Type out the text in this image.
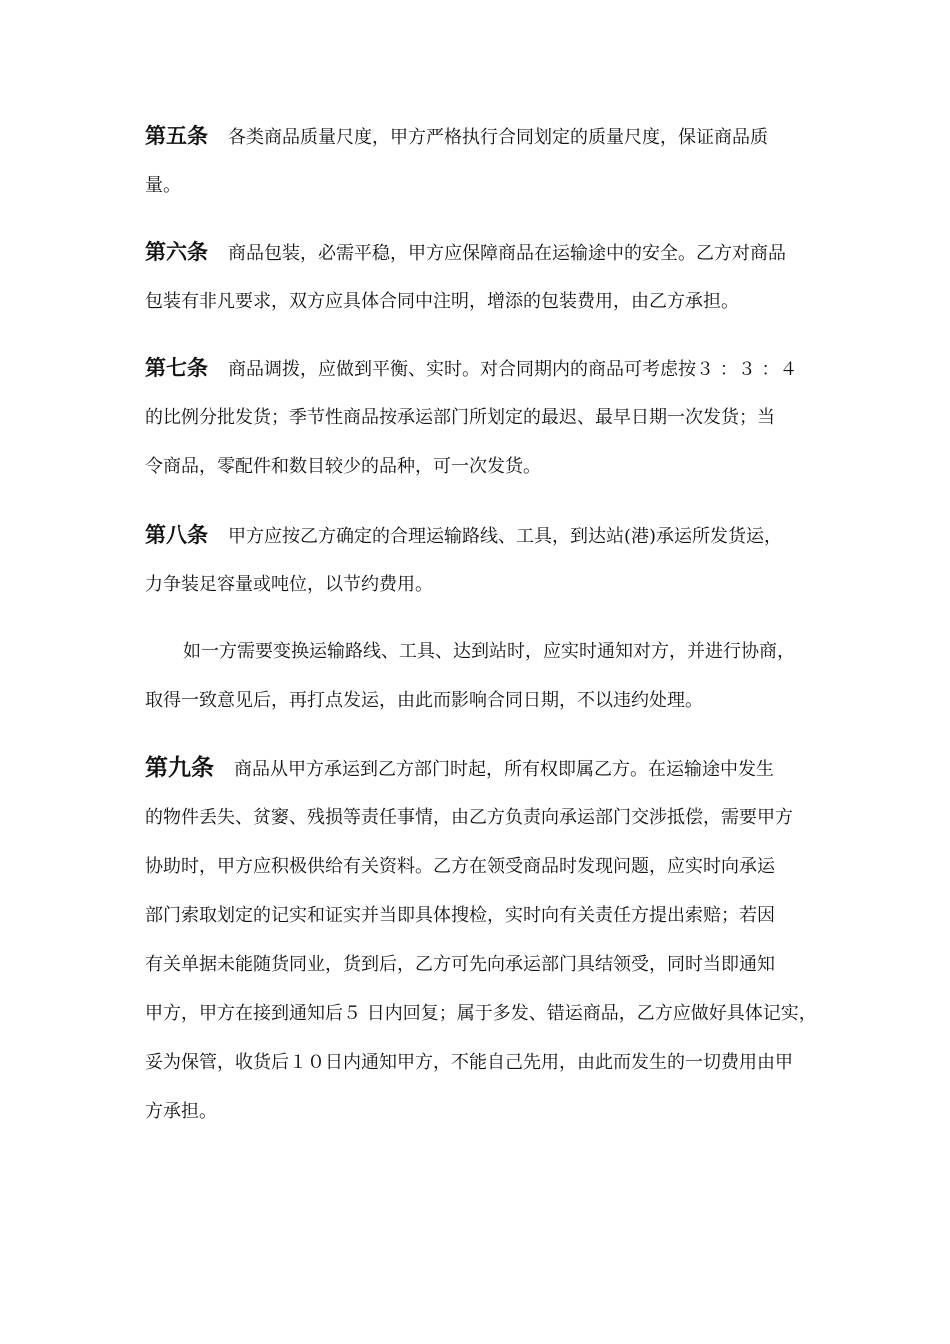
第五条 各类商品质量尺度，甲方严格执行合同划定的质量尺度，保证商品质
量。
第六条 商品包装，必需平稳，甲方应保障商品在运输途中的安全。乙方对商品
包装有非凡要求，双方应具体合同中注明，增添的包装费用，由乙方承担。
第七条 商品调拨，应做到平衡、实时。对合同期内的商品可考虑按３ ：３ ：４
的比例分批发货；季节性商品按承运部门所划定的最迟、最早日期一次发货；当
令商品，零配件和数目较少的品种，可一次发货。
第八条 甲方应按乙方确定的合理运输路线、工具，到达站(港)承运所发货运，
力争装足容量或吨位，以节约费用。
如一方需要变换运输路线、工具、达到站时，应实时通知对方，并进行协商，
取得一致意见后，再打点发运，由此而影响合同日期，不以违约处理。
第九条 商品从甲方承运到乙方部门时起，所有权即属乙方。在运输途中发生
的物件丢失、贫窭、残损等责任事情，由乙方负责向承运部门交涉抵偿，需要甲方
协助时，甲方应积极供给有关资料。乙方在领受商品时发现问题，应实时向承运
部门索取划定的记实和证实并当即具体搜检，实时向有关责任方提出索赔；若因
有关单据未能随货同业，货到后，乙方可先向承运部门具结领受，同时当即通知
甲方，甲方在接到通知后５ 日内回复；属于多发、错运商品，乙方应做好具体记实，
妥为保管，收货后１０日内通知甲方，不能自己先用，由此而发生的一切费用由甲
方承担。
